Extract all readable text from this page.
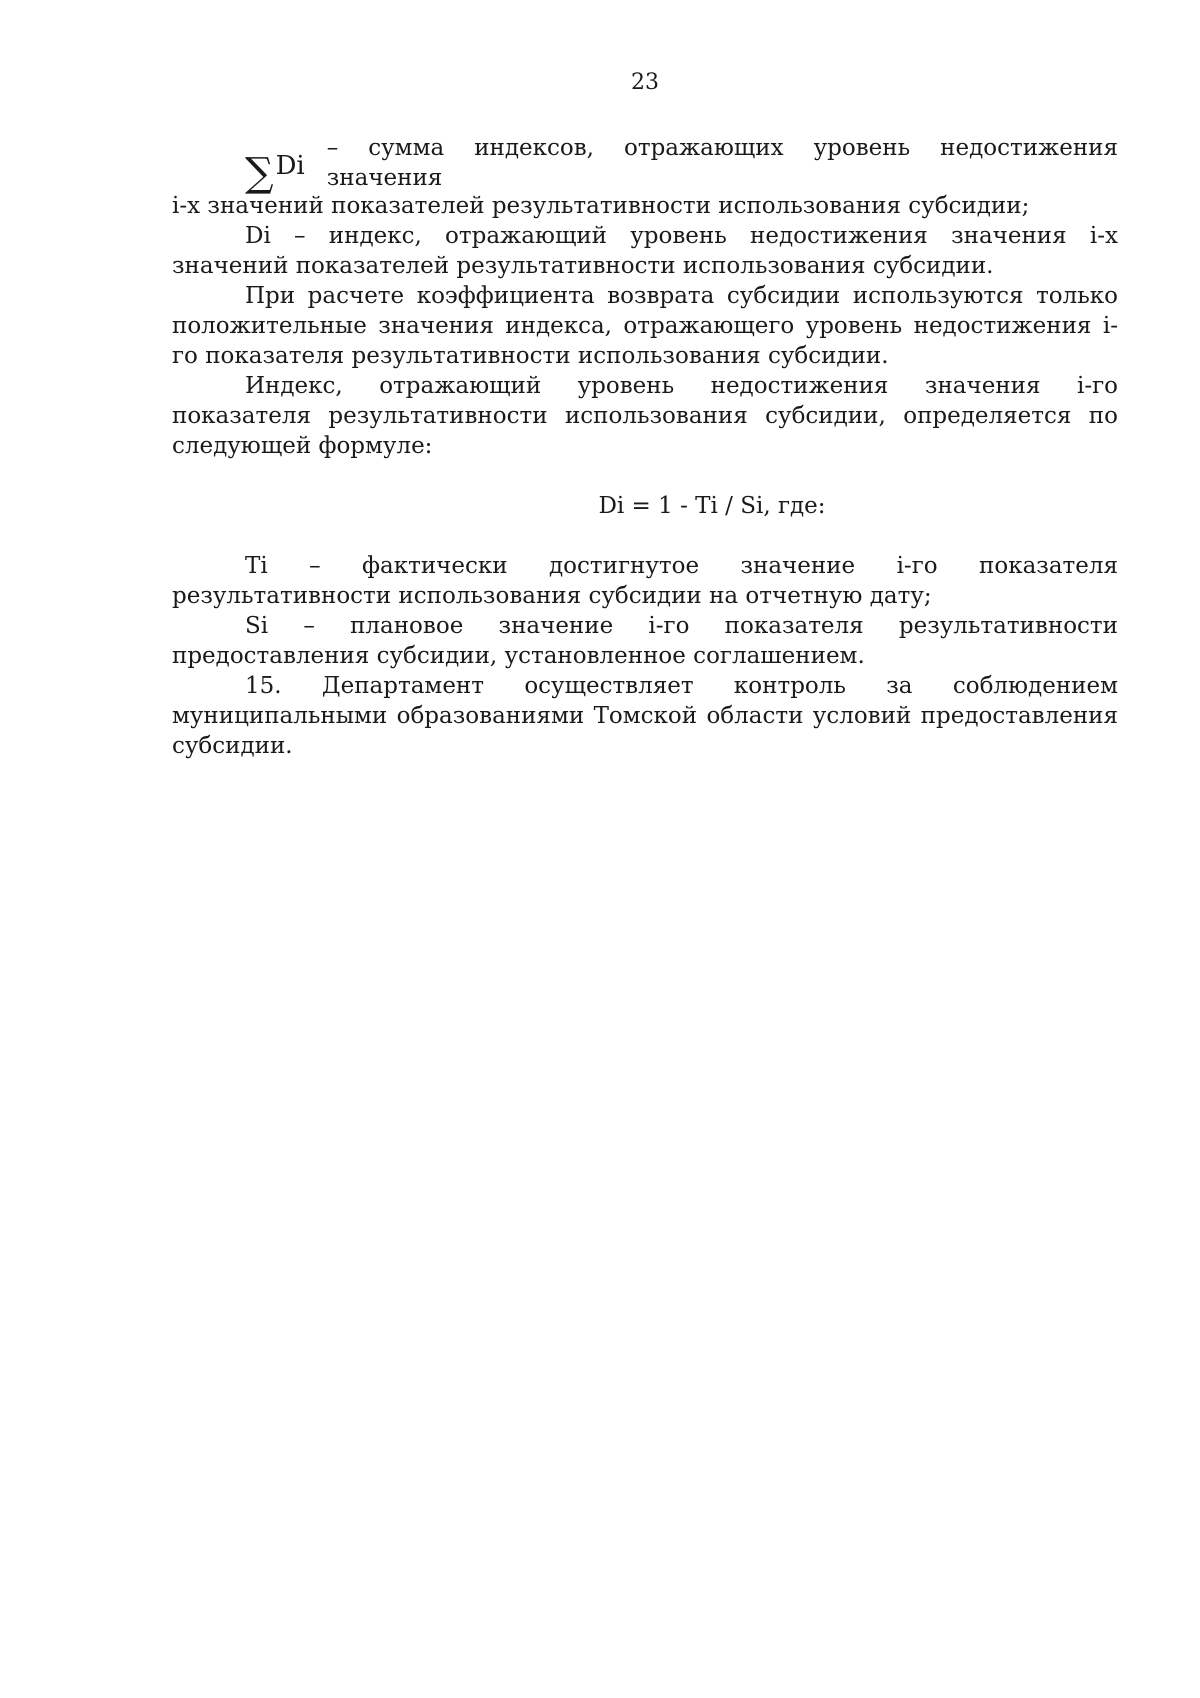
23
∑ Di
– сумма индексов, отражающих уровень недостижения значения

i-х значений показателей результативности использования субсидии;

Di – индекс, отражающий уровень недостижения значения i-х значений показателей результативности использования субсидии.

При расчете коэффициента возврата субсидии используются только положительные значения индекса, отражающего уровень недостижения i-го показателя результативности использования субсидии.

Индекс, отражающий уровень недостижения значения i-го показателя результативности использования субсидии, определяется по следующей формуле:

Di = 1 - Ti / Si, где:

Ti – фактически достигнутое значение i-го показателя результативности использования субсидии на отчетную дату;

Si – плановое значение i-го показателя результативности предоставления субсидии, установленное соглашением.

15. Департамент осуществляет контроль за соблюдением муниципальными образованиями Томской области условий предоставления субсидии.
